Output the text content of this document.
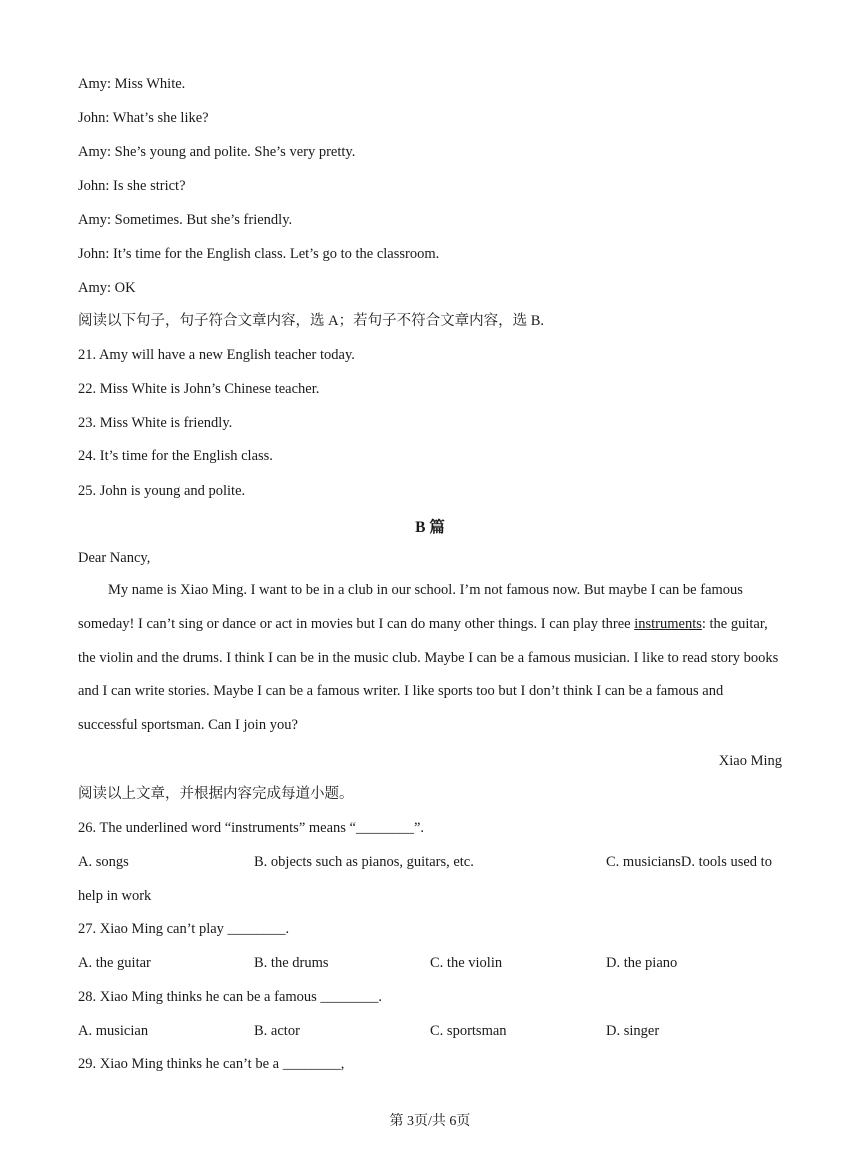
Amy: Miss White.
John: What’s she like?
Amy: She’s young and polite. She’s very pretty.
John: Is she strict?
Amy: Sometimes. But she’s friendly.
John: It’s time for the English class. Let’s go to the classroom.
Amy: OK
阅读以下句子，句子符合文章内容，选 A；若句子不符合文章内容，选 B.
21. Amy will have a new English teacher today.
22. Miss White is John’s Chinese teacher.
23. Miss White is friendly.
24. It’s time for the English class.
25. John is young and polite.
B 篇
Dear Nancy,

My name is Xiao Ming. I want to be in a club in our school. I’m not famous now. But maybe I can be famous someday! I can’t sing or dance or act in movies but I can do many other things. I can play three instruments: the guitar, the violin and the drums. I think I can be in the music club. Maybe I can be a famous musician. I like to read story books and I can write stories. Maybe I can be a famous writer. I like sports too but I don’t think I can be a famous and successful sportsman. Can I join you?

Xiao Ming
阅读以上文章，并根据内容完成每道小题。
26. The underlined word “instruments” means “________”.
A. songs	B. objects such as pianos, guitars, etc.	C. musiciansD. tools used to
help in work
27. Xiao Ming can’t play ________.
A. the guitar	B. the drums	C. the violin	D. the piano
28. Xiao Ming thinks he can be a famous ________.
A. musician	B. actor	C. sportsman	D. singer
29. Xiao Ming thinks he can’t be a ________,
第 3页/共 6页
